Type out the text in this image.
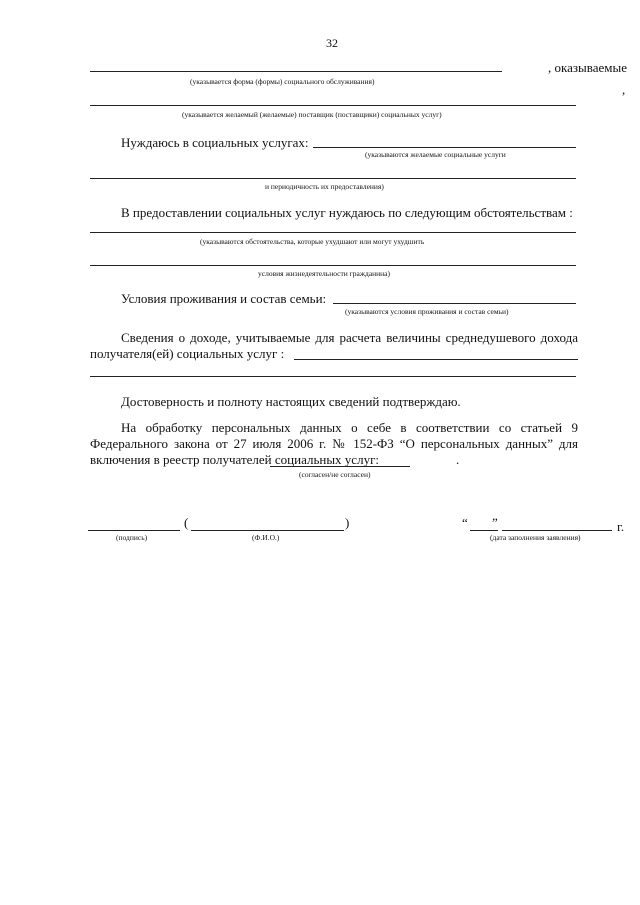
32
, оказываемые
(указывается форма (формы) социального обслуживания)
,
(указывается желаемый (желаемые) поставщик (поставщики) социальных услуг)
Нуждаюсь в социальных услугах:
(указываются желаемые социальные услуги
и периодичность их предоставления)
В предоставлении социальных услуг нуждаюсь по следующим обстоятельствам :
(указываются обстоятельства, которые ухудшают или могут ухудшить
условия жизнедеятельности гражданина)
Условия проживания и состав семьи:
(указываются условия проживания и состав семьи)
Сведения о доходе, учитываемые для расчета величины среднедушевого дохода
получателя(ей) социальных услуг :
Достоверность и полноту настоящих сведений подтверждаю.
На обработку персональных данных о себе в соответствии со статьей 9
Федерального закона от 27 июля 2006 г. № 152-ФЗ “О персональных данных” для
включения в реестр получателей социальных услуг:	.
(согласен/не согласен)
(	)
(подпись)	(Ф.И.О.)
“ ”	г.
(дата заполнения заявления)
